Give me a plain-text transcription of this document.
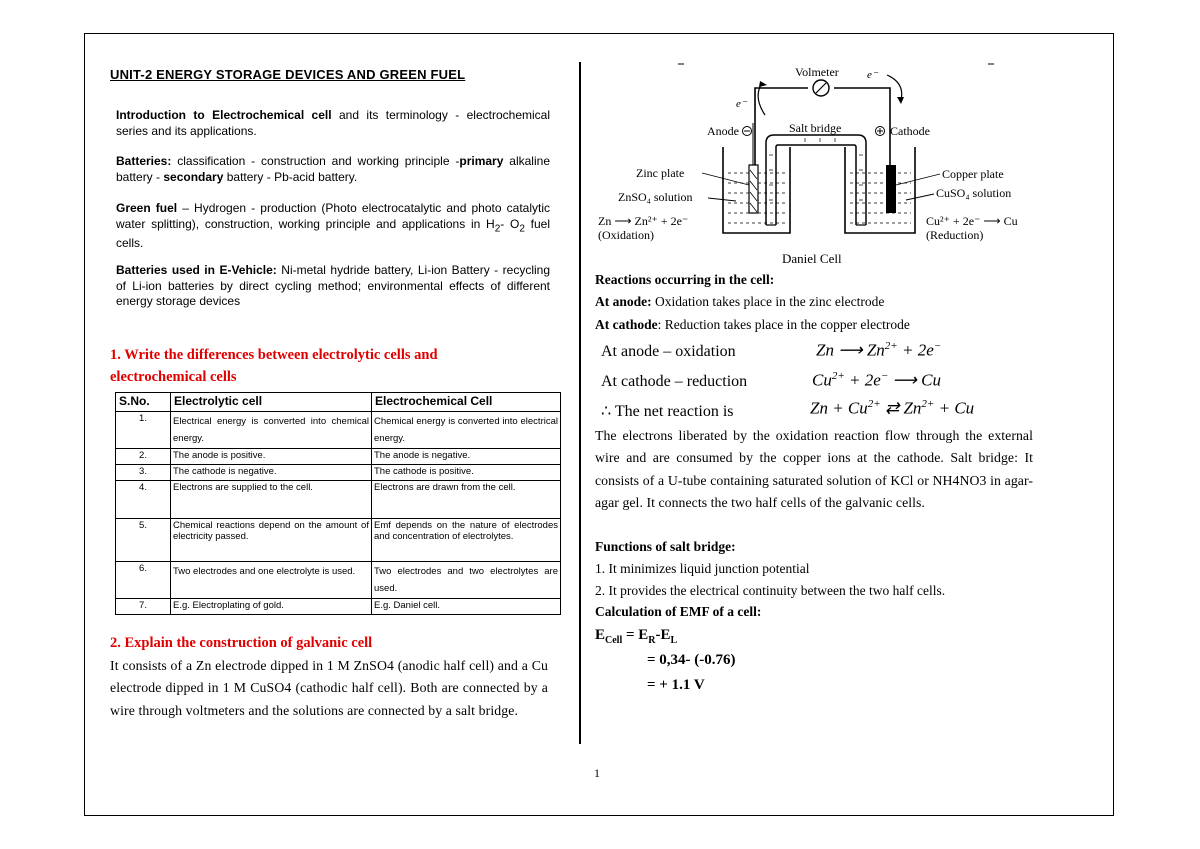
UNIT-2 ENERGY STORAGE DEVICES AND GREEN FUEL
Introduction to Electrochemical cell and its terminology - electrochemical series and its applications.
Batteries: classification - construction and working principle -primary alkaline battery - secondary battery - Pb-acid battery.
Green fuel – Hydrogen - production (Photo electrocatalytic and photo catalytic water splitting), construction, working principle and applications in $H_2-$ $O_2$ fuel cells.
Batteries used in E-Vehicle: Ni-metal hydride battery, Li-ion Battery - recycling of Li-ion batteries by direct cycling method; environmental effects of different energy storage devices
1. Write the differences between electrolytic cells and electrochemical cells
S.No.	Electrolytic cell	Electrochemical Cell
1.	Electrical energy is converted into chemical energy.	Chemical energy is converted into electrical energy.
2.	The anode is positive.	The anode is negative.
3.	The cathode is negative.	The cathode is positive.
4.	Electrons are supplied to the cell.	Electrons are drawn from the cell.
5.	Chemical reactions depend on the amount of electricity passed.	Emf depends on the nature of electrodes and concentration of electrolytes.
6.	Two electrodes and one electrolyte is used.	Two electrodes and two electrolytes are used.
7.	E.g. Electroplating of gold.	E.g. Daniel cell.
2. Explain the construction of galvanic cell
It consists of a Zn electrode dipped in 1 M ZnSO4 (anodic half cell) and a Cu electrode dipped in 1 M CuSO4 (cathodic half cell). Both are connected by a wire through voltmeters and the solutions are connected by a salt bridge.
Volmeter
e⁻
e⁻
Anode	Cathode
Salt bridge
Zinc plate
ZnSO₄ solution
Zn ⟶ Zn²⁺ + 2e⁻
(Oxidation)
Copper plate
CuSO₄ solution
Cu²⁺ + 2e⁻ ⟶ Cu
(Reduction)
Daniel Cell
Reactions occurring in the cell:
At anode: Oxidation takes place in the zinc electrode
At cathode: Reduction takes place in the copper electrode
At anode – oxidation	Zn ⟶ $Zn^{2+} + 2e^-$
At cathode – reduction	$Cu^{2+} + 2e^-$ ⟶ Cu
∴ The net reaction is	$Zn + Cu^{2+}$ ⇄ $Zn^{2+} + Cu$
The electrons liberated by the oxidation reaction flow through the external wire and are consumed by the copper ions at the cathode. Salt bridge: It consists of a U-tube containing saturated solution of KCl or NH4NO3 in agar-agar gel. It connects the two half cells of the galvanic cells.
Functions of salt bridge:
1. It minimizes liquid junction potential
2. It provides the electrical continuity between the two half cells.
Calculation of EMF of a cell:
$E_{Cell} = E_R-E_L$
= 0,34- (-0.76)
= + 1.1 V
1
